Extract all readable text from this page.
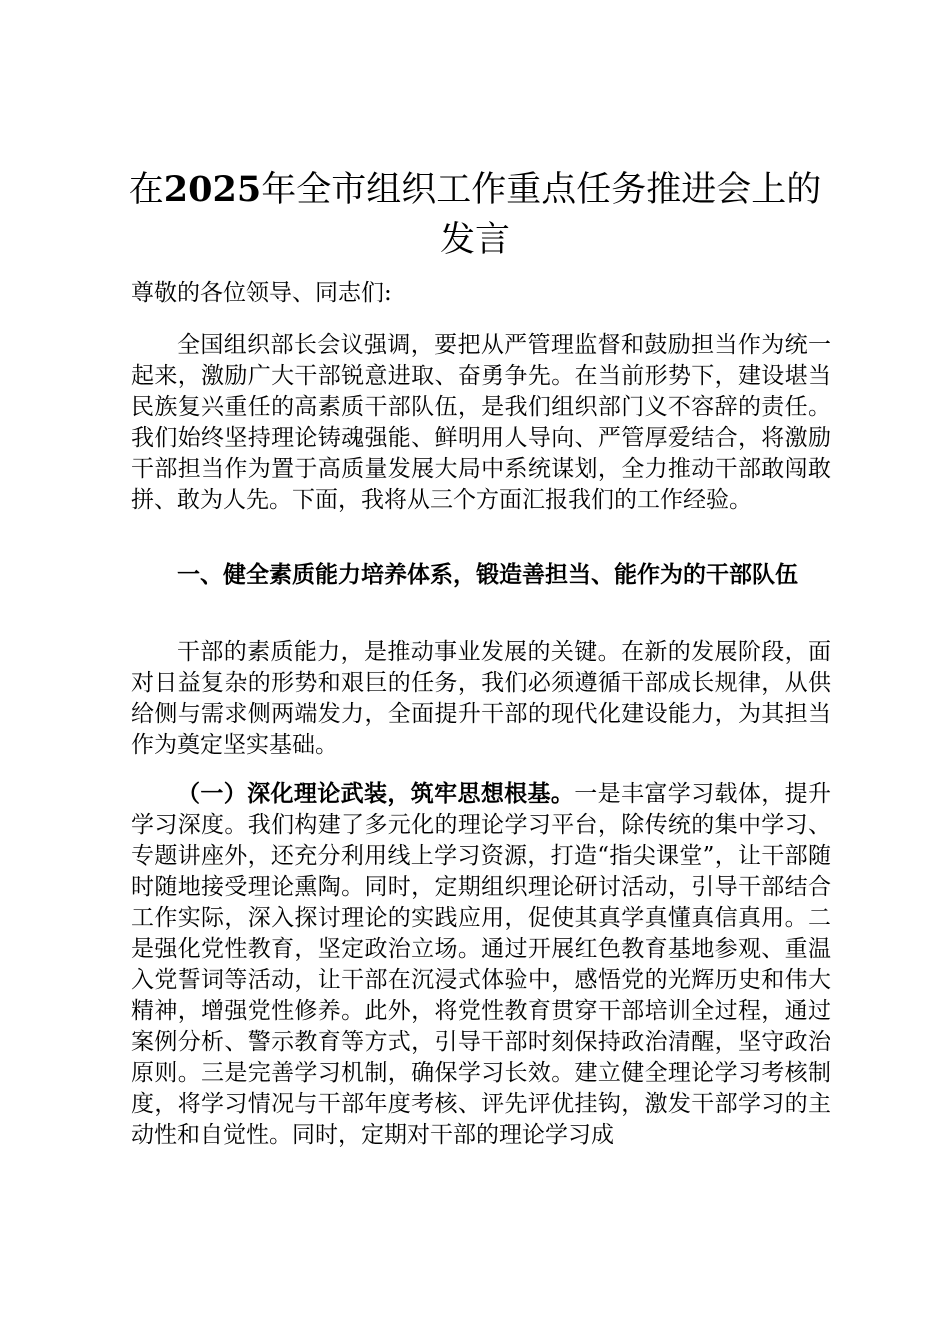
在2025年全市组织工作重点任务推进会上的发言

尊敬的各位领导、同志们:

全国组织部长会议强调，要把从严管理监督和鼓励担当作为统一起来，激励广大干部锐意进取、奋勇争先。在当前形势下，建设堪当民族复兴重任的高素质干部队伍，是我们组织部门义不容辞的责任。我们始终坚持理论铸魂强能、鲜明用人导向、严管厚爱结合，将激励干部担当作为置于高质量发展大局中系统谋划，全力推动干部敢闯敢拼、敢为人先。下面，我将从三个方面汇报我们的工作经验。

一、健全素质能力培养体系，锻造善担当、能作为的干部队伍

干部的素质能力，是推动事业发展的关键。在新的发展阶段，面对日益复杂的形势和艰巨的任务，我们必须遵循干部成长规律，从供给侧与需求侧两端发力，全面提升干部的现代化建设能力，为其担当作为奠定坚实基础。

（一）深化理论武装，筑牢思想根基。一是丰富学习载体，提升学习深度。我们构建了多元化的理论学习平台，除传统的集中学习、专题讲座外，还充分利用线上学习资源，打造“指尖课堂”，让干部随时随地接受理论熏陶。同时，定期组织理论研讨活动，引导干部结合工作实际，深入探讨理论的实践应用，促使其真学真懂真信真用。二是强化党性教育，坚定政治立场。通过开展红色教育基地参观、重温入党誓词等活动，让干部在沉浸式体验中，感悟党的光辉历史和伟大精神，增强党性修养。此外，将党性教育贯穿干部培训全过程，通过案例分析、警示教育等方式，引导干部时刻保持政治清醒，坚守政治原则。三是完善学习机制，确保学习长效。建立健全理论学习考核制度，将学习情况与干部年度考核、评先评优挂钩，激发干部学习的主动性和自觉性。同时，定期对干部的理论学习成
